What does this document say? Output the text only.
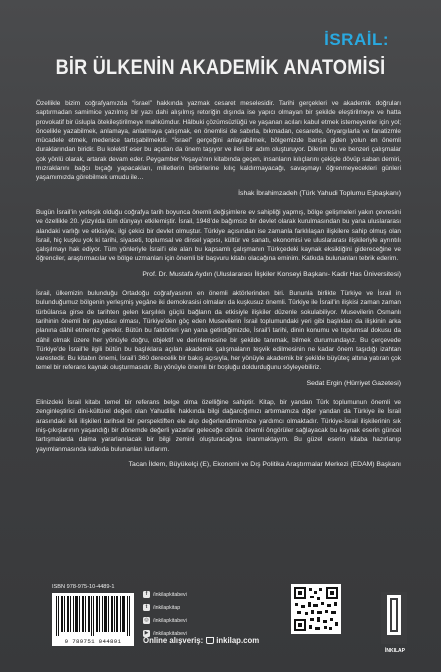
İSRAİL:
BİR ÜLKENİN AKADEMİK ANATOMİSİ

Özellikle bizim coğrafyamızda “İsrael” hakkında yazmak cesaret meselesidir. Tarihi gerçekleri ve akademik doğruları saptırmadan samimice yazılmış bir yazı dahi alışılmış retoriğin dışında ise yapıcı olmayan bir şekilde eleştirilmeye ve hatta provokatif bir üslupla ötekileştirilmeye mahkûmdur. Hâlbuki çözümsüzlüğü ve yaşanan acıları kabul etmek istemeyenler için yol; öncelikle yazabilmek, anlamaya, anlatmaya çalışmak, en önemlisi de sabırla, bıkmadan, cesaretle, önyargılarla ve fanatizmle mücadele etmek, medenice tartışabilmektir. “İsrael” gerçeğini anlayabilmek, bölgemizde barışa giden yolun en önemli duraklarından biridir. Bu kolektif eser bu açıdan da önem taşıyor ve ileri bir adım oluşturuyor. Dilerim bu ve benzeri çalışmalar çok yönlü olarak, artarak devam eder. Peygamber Yeşaya’nın kitabında geçen, insanların kılıçlarını çekiçle dövüp saban demiri, mızraklarını bağcı bıçağı yapacakları, milletlerin birbirlerine kılıç kaldırmayacağı, savaşmayı öğrenmeyecekleri günleri yaşamımızda görebilmek umudu ile…

İshak İbrahimzadeh (Türk Yahudi Toplumu Eşbaşkanı)

Bugün İsrail’in yerleşik olduğu coğrafya tarih boyunca önemli değişimlere ev sahipliği yapmış, bölge gelişmeleri yakın çevresini ve özellikle 20. yüzyılda tüm dünyayı etkilemiştir. İsrail, 1948’de bağımsız bir devlet olarak kurulmasından bu yana uluslararası alandaki varlığı ve etkisiyle, ilgi çekici bir devlet olmuştur. Türkiye açısından ise zamanla farklılaşan ilişkilere sahip olmuş olan İsrail, hiç kuşku yok ki tarihi, siyaseti, toplumsal ve dinsel yapısı, kültür ve sanatı, ekonomisi ve uluslararası ilişkileriyle ayrıntılı çalışılmayı hak ediyor. Tüm yönleriyle İsrail’i ele alan bu kapsamlı çalışmanın Türkçedeki kaynak eksikliğini gidereceğine ve öğrenciler, araştırmacılar ve bölge uzmanları için önemli bir başvuru kitabı olacağına eminim. Katkıda bulunanları tebrik ederim.

Prof. Dr. Mustafa Aydın (Uluslararası İlişkiler Konseyi Başkanı- Kadir Has Üniversitesi)

İsrail, ülkemizin bulunduğu Ortadoğu coğrafyasının en önemli aktörlerinden biri. Bununla birlikte Türkiye ve İsrail in bulunduğumuz bölgenin yerleşmiş yegâne iki demokrasisi olmaları da kuşkusuz önemli. Türkiye ile İsrail’in ilişkisi zaman zaman türbülansa girse de tarihten gelen karşılıklı güçlü bağların da etkisiyle ilişkiler düzenle sokulabiliyor. Musevilerin Osmanlı tarihinin önemli bir payıdası olması, Türkiye’den göç eden Musevilerin İsrail toplumundaki yeri gibi başlıkları da ilişkinin arka planına dâhil etmemiz gerekir. Bütün bu faktörleri yan yana getirdiğimizde, İsrail’i tarihi, dinin konumu ve toplumsal dokusu da dâhil olmak üzere her yönüyle doğru, objektif ve derinlemesine bir şekilde tanımak, bilmek durumundayız. Bu çerçevede Türkiye’de İsrail’le ilgili bütün bu başlıklara açılan akademik çalışmaların teşvik edilmesinin ne kadar önem taşıdığı izahtan varestedir. Bu kitabın önemi, İsrail’i 360 derecelik bir bakış açısıyla, her yönüyle akademik bir şekilde büyüteç altına yatıran çok temel bir referans kaynak oluşturmasıdır. Bu yönüyle önemli bir boşluğu doldurduğunu söyleyebiliriz.

Sedat Ergin (Hürriyet Gazetesi)

Elinizdeki İsrail kitabı temel bir referans belge olma özelliğine sahiptir. Kitap, bir yandan Türk toplumunun önemli ve zenginleştirici dini-kültürel değeri olan Yahudilik hakkında bilgi dağarcığımızı artırmamıza diğer yandan da Türkiye ile İsrail arasındaki ikili ilişkileri tarihsel bir perspektiften ele alıp değerlendirmemize yardımcı olmaktadır. Türkiye-İsrail ilişkilerinin sık iniş-çıkışlarının yaşandığı bir dönemde değerli yazarlar geleceğe dönük önemli öngörüler sağlayacak bu kaynak eserin güncel tartışmalarda daima yararlanılacak bir bilgi zemini oluşturacağına inanmaktayım. Bu güzel eserin kitaba hazırlanıp yayımlanmasında katkıda bulunanları kutlarım.

Tacan İldem, Büyükelçi (E), Ekonomi ve Dış Politika Araştırmalar Merkezi (EDAM) Başkanı
ISBN 978-975-10-4489-1
9 789751 044891
f	/inkilapkitabevi
t	/inkilapkitap
◎ /inkilapkitabevi
▶ /inkilapkitabevi
Online alışveriş: inkilap.com
İNKILAP
